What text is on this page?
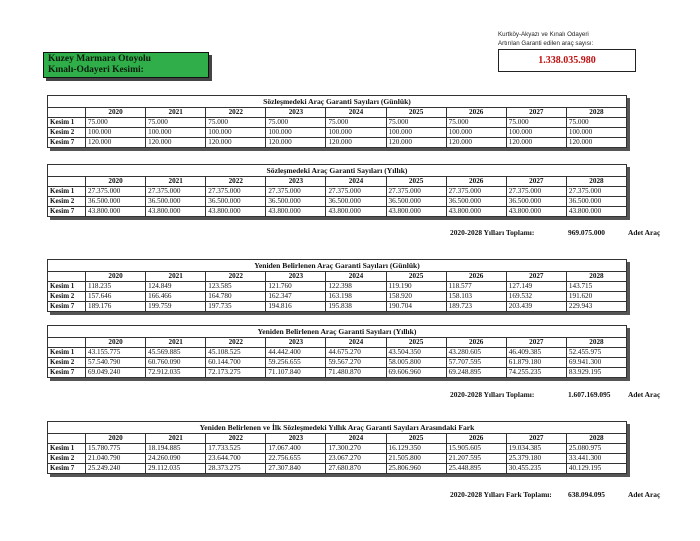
Kuzey Marmara Otoyolu
Kınalı-Odayeri Kesimi:
Kurtköy-Akyazı ve Kınalı Odayeri
Artırılan Garanti edilen araç sayısı:
1.338.035.980
Sözleşmedeki Araç Garanti Sayıları (Günlük)									
	2020	2021	2022	2023	2024	2025	2026	2027	2028
Kesim 1	75.000	75.000	75.000	75.000	75.000	75.000	75.000	75.000	75.000
Kesim 2	100.000	100.000	100.000	100.000	100.000	100.000	100.000	100.000	100.000
Kesim 7	120.000	120.000	120.000	120.000	120.000	120.000	120.000	120.000	120.000
Sözleşmedeki Araç Garanti Sayıları (Yıllık)									
	2020	2021	2022	2023	2024	2025	2026	2027	2028
Kesim 1	27.375.000	27.375.000	27.375.000	27.375.000	27.375.000	27.375.000	27.375.000	27.375.000	27.375.000
Kesim 2	36.500.000	36.500.000	36.500.000	36.500.000	36.500.000	36.500.000	36.500.000	36.500.000	36.500.000
Kesim 7	43.800.000	43.800.000	43.800.000	43.800.000	43.800.000	43.800.000	43.800.000	43.800.000	43.800.000
2020-2028 Yılları Toplamı:	969.075.000	Adet Araç
Yeniden Belirlenen Araç Garanti Sayıları (Günlük)									
	2020	2021	2022	2023	2024	2025	2026	2027	2028
Kesim 1	118.235	124.849	123.585	121.760	122.398	119.190	118.577	127.149	143.715
Kesim 2	157.646	166.466	164.780	162.347	163.198	158.920	158.103	169.532	191.620
Kesim 7	189.176	199.759	197.735	194.816	195.838	190.704	189.723	203.439	229.943
Yeniden Belirlenen Araç Garanti Sayıları (Yıllık)									
	2020	2021	2022	2023	2024	2025	2026	2027	2028
Kesim 1	43.155.775	45.569.885	45.108.525	44.442.400	44.675.270	43.504.350	43.280.605	46.409.385	52.455.975
Kesim 2	57.540.790	60.760.090	60.144.700	59.256.655	59.567.270	58.005.800	57.707.595	61.879.180	69.941.300
Kesim 7	69.049.240	72.912.035	72.173.275	71.107.840	71.480.870	69.606.960	69.248.895	74.255.235	83.929.195
2020-2028 Yılları Toplamı:	1.607.169.095	Adet Araç
Yeniden Belirlenen ve İlk Sözleşmedeki Yıllık Araç Garanti Sayıları Arasındaki Fark									
	2020	2021	2022	2023	2024	2025	2026	2027	2028
Kesim 1	15.780.775	18.194.885	17.733.525	17.067.400	17.300.270	16.129.350	15.905.605	19.034.385	25.080.975
Kesim 2	21.040.790	24.260.090	23.644.700	22.756.655	23.067.270	21.505.800	21.207.595	25.379.180	33.441.300
Kesim 7	25.249.240	29.112.035	28.373.275	27.307.840	27.680.870	25.806.960	25.448.895	30.455.235	40.129.195
2020-2028 Yılları Fark Toplamı:	638.094.095	Adet Araç
